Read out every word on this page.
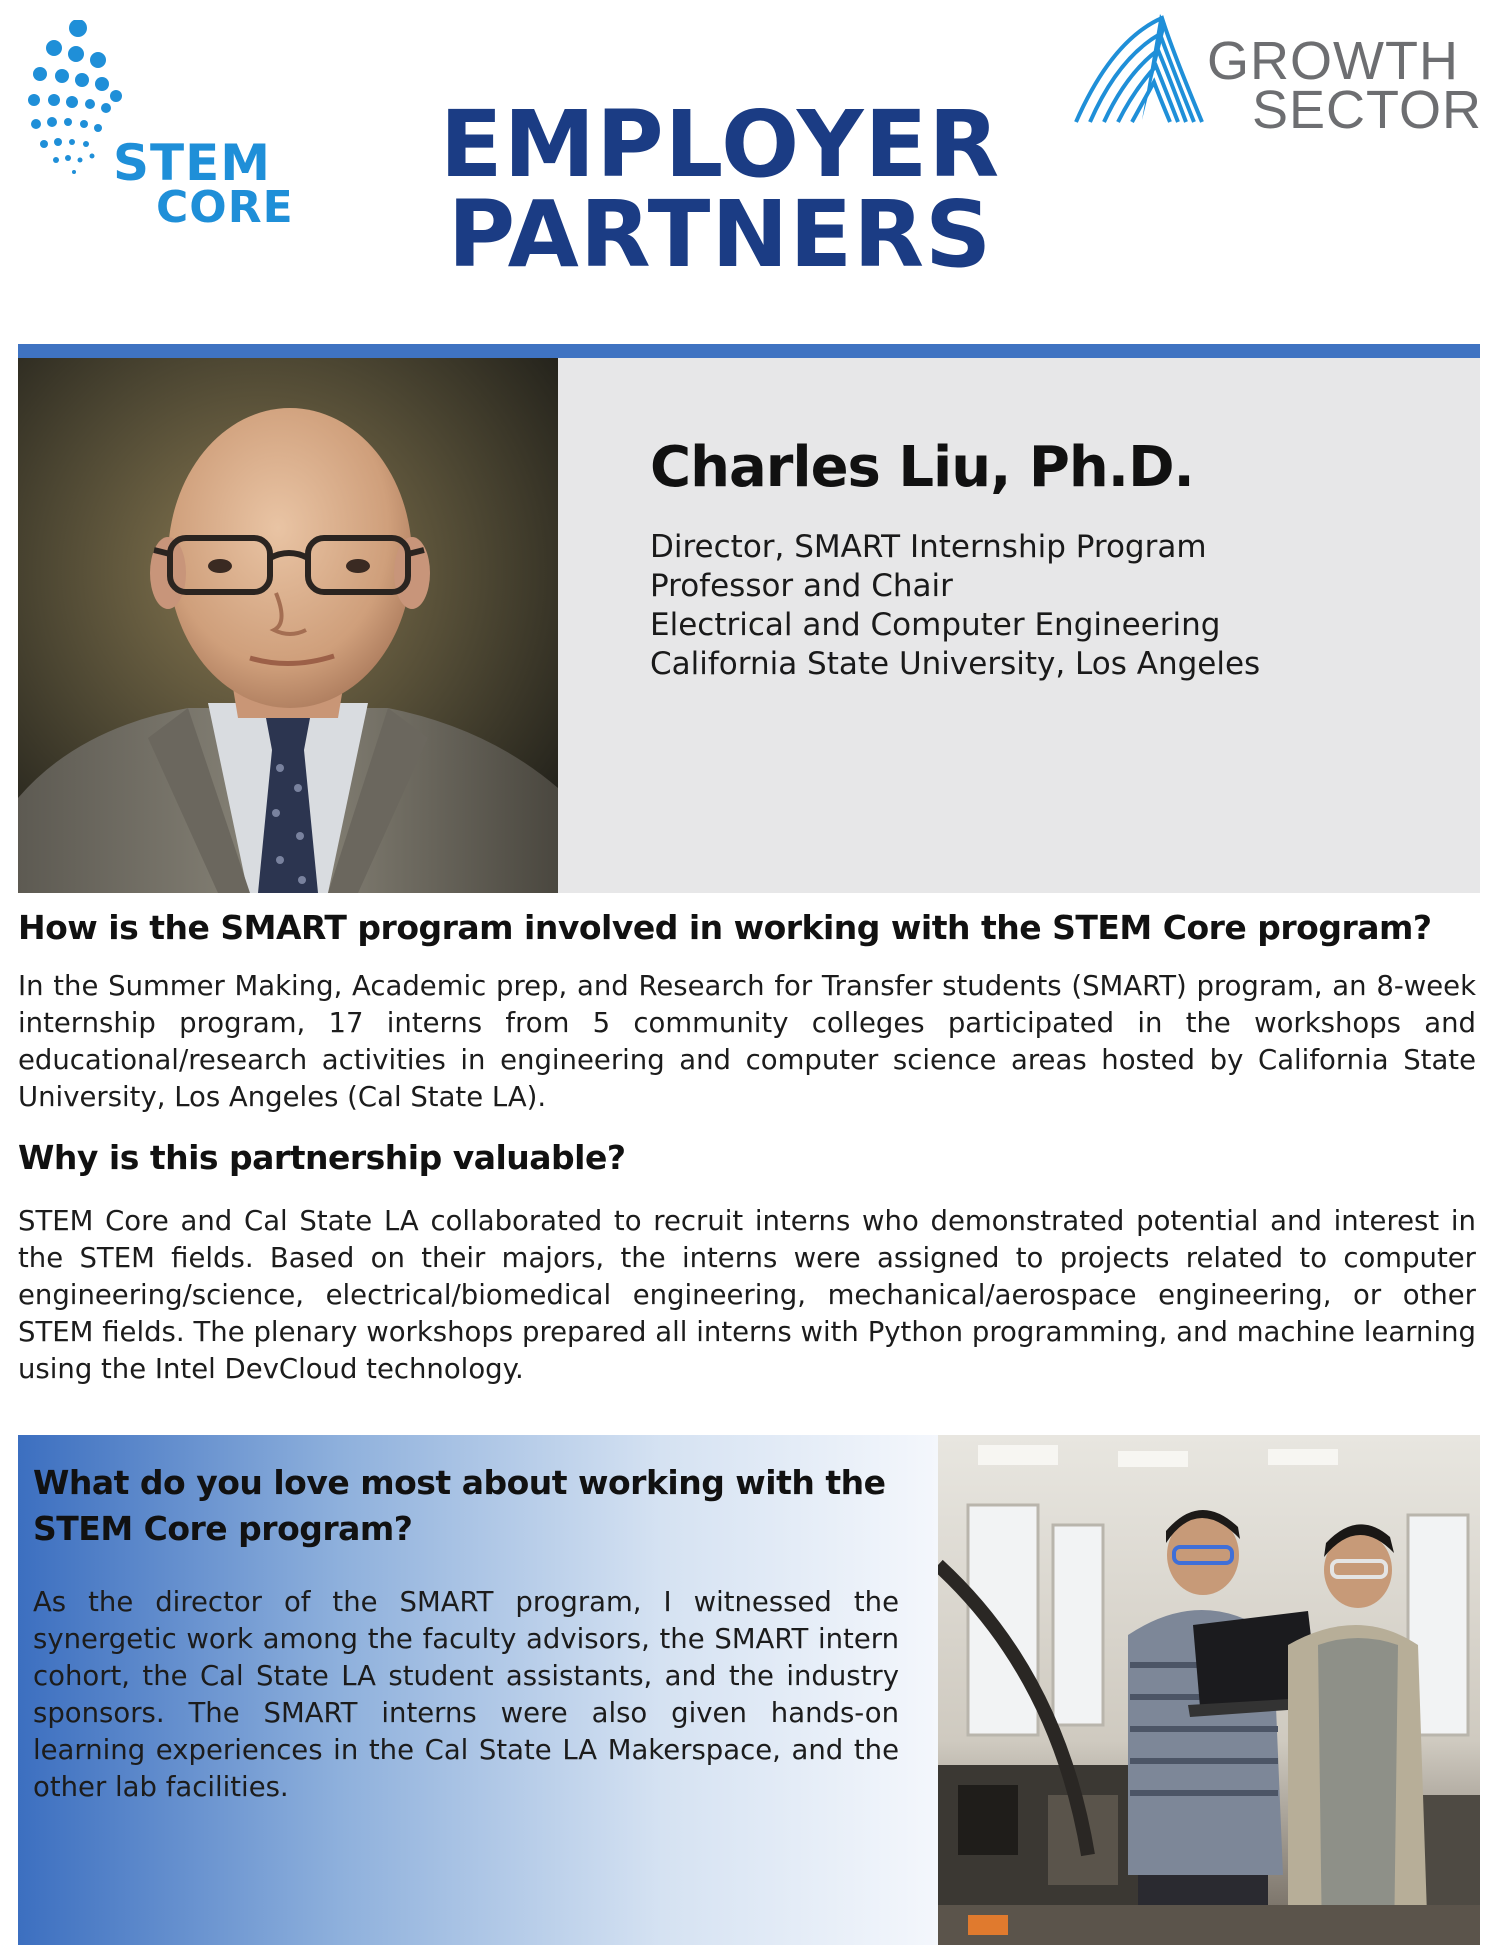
STEM
CORE
EMPLOYER
PARTNERS
GROWTH
SECTOR
Charles Liu, Ph.D.
Director, SMART Internship Program
Professor and Chair
Electrical and Computer Engineering
California State University, Los Angeles
How is the SMART program involved in working with the STEM Core program?
In the Summer Making, Academic prep, and Research for Transfer students (SMART) program, an 8-week internship program, 17 interns from 5 community colleges participated in the workshops and educational/research activities in engineering and computer science areas hosted by California State University, Los Angeles (Cal State LA).
Why is this partnership valuable?
STEM Core and Cal State LA collaborated to recruit interns who demonstrated potential and interest in the STEM fields. Based on their majors, the interns were assigned to projects related to computer engineering/science, electrical/biomedical engineering, mechanical/aerospace engineering, or other STEM fields. The plenary workshops prepared all interns with Python programming, and machine learning using the Intel DevCloud technology.
What do you love most about working with the STEM Core program?
As the director of the SMART program, I witnessed the synergetic work among the faculty advisors, the SMART intern cohort, the Cal State LA student assistants, and the industry sponsors. The SMART interns were also given hands-on learning experiences in the Cal State LA Makerspace, and the other lab facilities.
